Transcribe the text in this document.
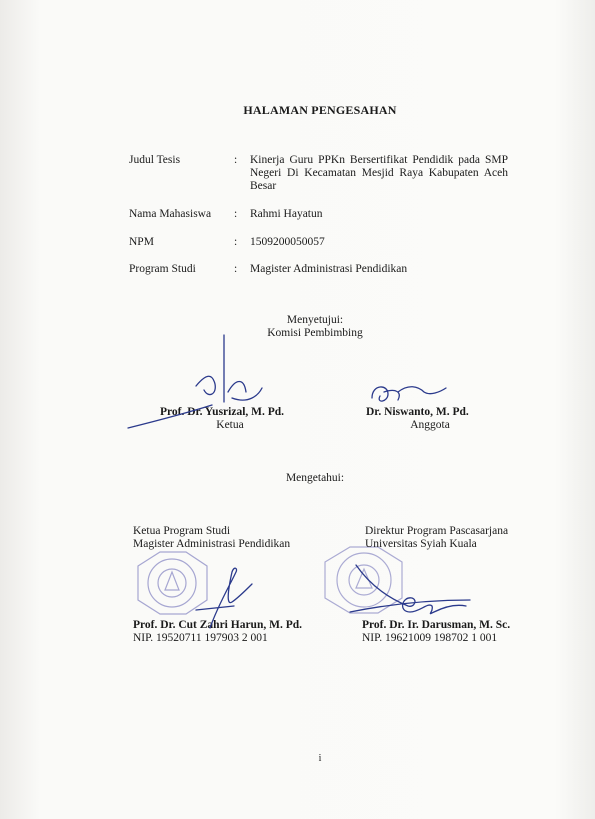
HALAMAN PENGESAHAN
Judul Tesis	: Kinerja Guru PPKn Bersertifikat Pendidik pada SMP Negeri Di Kecamatan Mesjid Raya Kabupaten Aceh Besar
Nama Mahasiswa : Rahmi Hayatun
NPM	: 1509200050057
Program Studi	: Magister Administrasi Pendidikan
Menyetujui:
Komisi Pembimbing
Prof. Dr. Yusrizal, M. Pd.
Ketua
Dr. Niswanto, M. Pd.
Anggota
Mengetahui:
Ketua Program Studi
Magister Administrasi Pendidikan
Prof. Dr. Cut Zahri Harun, M. Pd.
NIP. 19520711 197903 2 001
Direktur Program Pascasarjana
Universitas Syiah Kuala
Prof. Dr. Ir. Darusman, M. Sc.
NIP. 19621009 198702 1 001
i
